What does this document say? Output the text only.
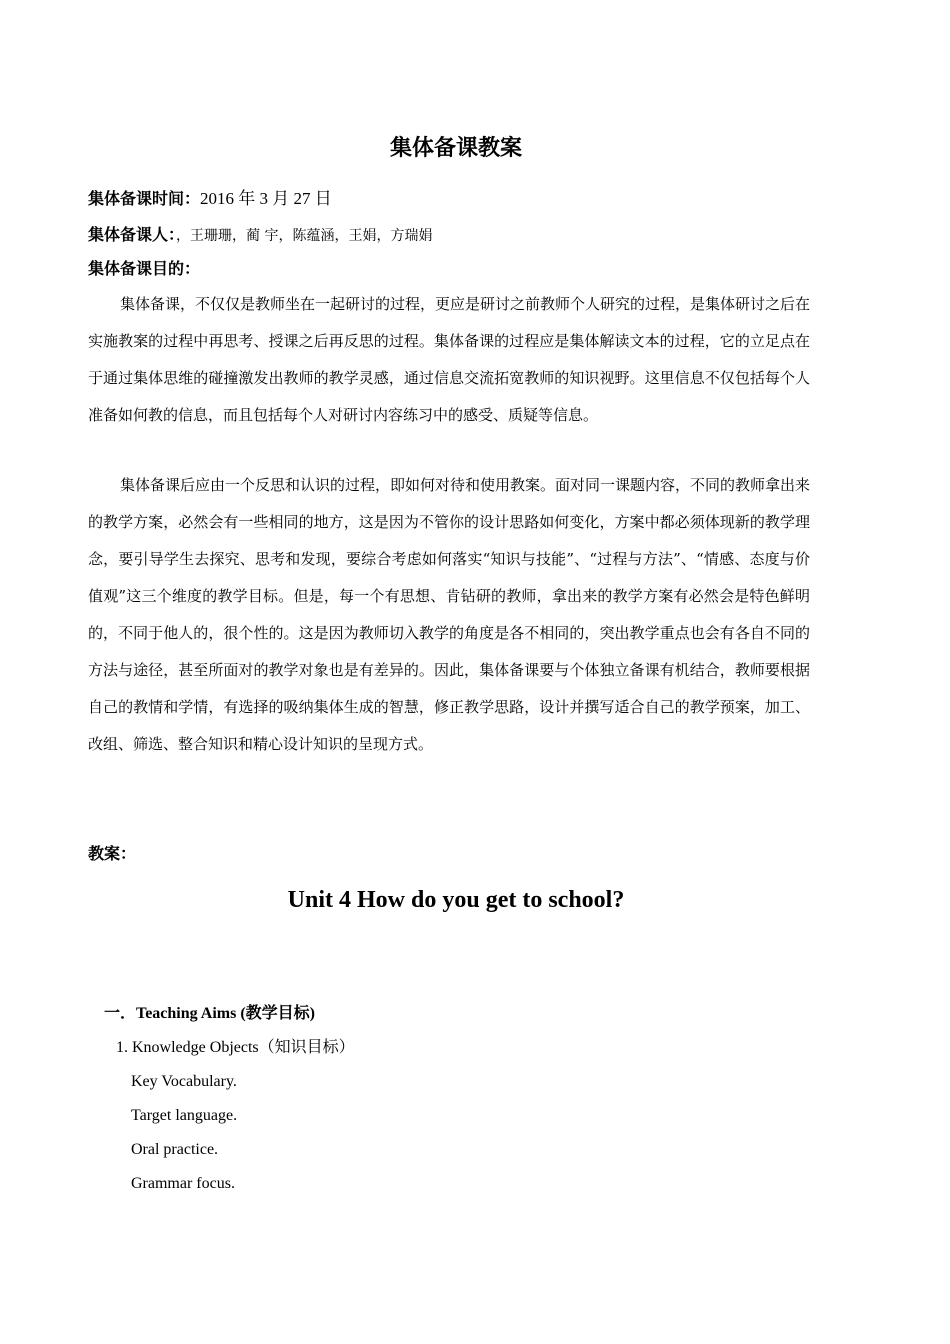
集体备课教案
集体备课时间：2016 年 3 月 27 日
集体备课人：，王珊珊，蔺 宇，陈蕴涵，王娟，方瑞娟
集体备课目的：

集体备课，不仅仅是教师坐在一起研讨的过程，更应是研讨之前教师个人研究的过程，是集体研讨之后在实施教案的过程中再思考、授课之后再反思的过程。集体备课的过程应是集体解读文本的过程，它的立足点在于通过集体思维的碰撞激发出教师的教学灵感，通过信息交流拓宽教师的知识视野。这里信息不仅包括每个人准备如何教的信息，而且包括每个人对研讨内容练习中的感受、质疑等信息。

集体备课后应由一个反思和认识的过程，即如何对待和使用教案。面对同一课题内容，不同的教师拿出来的教学方案，必然会有一些相同的地方，这是因为不管你的设计思路如何变化，方案中都必须体现新的教学理念，要引导学生去探究、思考和发现，要综合考虑如何落实“知识与技能”、“过程与方法”、“情感、态度与价值观”这三个维度的教学目标。但是，每一个有思想、肯钻研的教师，拿出来的教学方案有必然会是特色鲜明的，不同于他人的，很个性的。这是因为教师切入教学的角度是各不相同的，突出教学重点也会有各自不同的方法与途径，甚至所面对的教学对象也是有差异的。因此，集体备课要与个体独立备课有机结合，教师要根据自己的教情和学情，有选择的吸纳集体生成的智慧，修正教学思路，设计并撰写适合自己的教学预案，加工、改组、筛选、整合知识和精心设计知识的呈现方式。

教案：
Unit 4 How do you get to school?
一．Teaching Aims (教学目标)
1. Knowledge Objects（知识目标）
Key Vocabulary.
Target language.
Oral practice.
Grammar focus.
